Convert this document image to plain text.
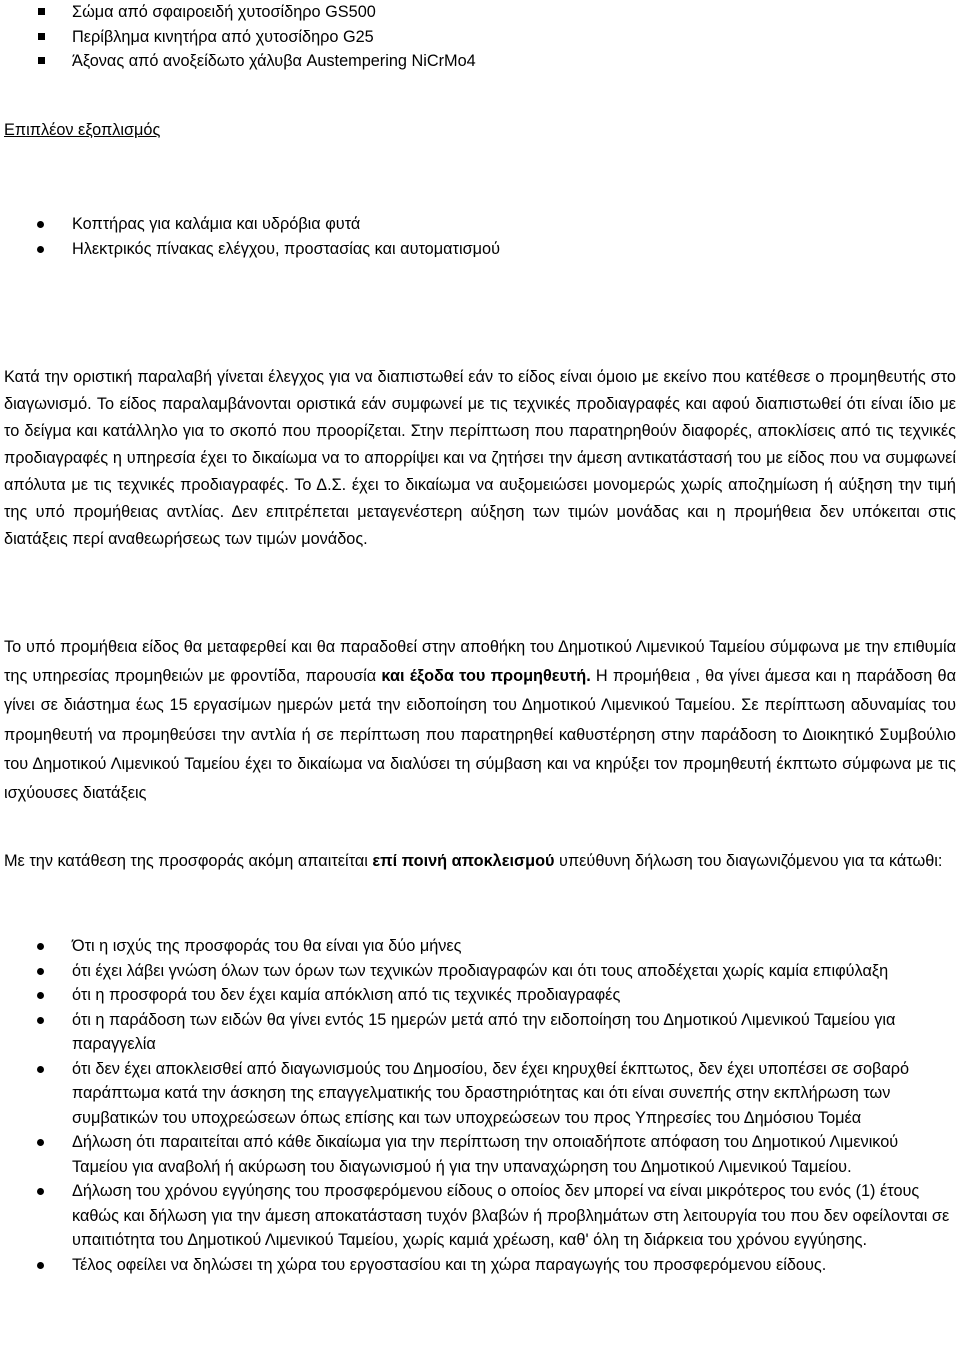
Σώμα από σφαιροειδή χυτοσίδηρο GS500
Περίβλημα κινητήρα από χυτοσίδηρο G25
Άξονας από ανοξείδωτο χάλυβα Austempering NiCrMo4
Επιπλέον εξοπλισμός
Κοπτήρας για καλάμια και υδρόβια φυτά
Ηλεκτρικός πίνακας ελέγχου, προστασίας και αυτοματισμού

Κατά την οριστική παραλαβή γίνεται έλεγχος για να διαπιστωθεί εάν το είδος είναι όμοιο με εκείνο που κατέθεσε ο προμηθευτής στο διαγωνισμό. Το είδος παραλαμβάνονται οριστικά εάν συμφωνεί με τις τεχνικές προδιαγραφές και αφού διαπιστωθεί ότι είναι ίδιο με το δείγμα και κατάλληλο για το σκοπό που προορίζεται. Στην περίπτωση που παρατηρηθούν διαφορές, αποκλίσεις από τις τεχνικές προδιαγραφές η υπηρεσία έχει το δικαίωμα να το απορρίψει και να ζητήσει την άμεση αντικατάστασή του με είδος που να συμφωνεί απόλυτα με τις τεχνικές προδιαγραφές. Το Δ.Σ. έχει το δικαίωμα να αυξομειώσει μονομερώς χωρίς αποζημίωση ή αύξηση την τιμή της υπό προμήθειας αντλίας. Δεν επιτρέπεται μεταγενέστερη αύξηση των τιμών μονάδας και η προμήθεια δεν υπόκειται στις διατάξεις περί αναθεωρήσεως των τιμών μονάδος.

Το υπό προμήθεια είδος θα μεταφερθεί και θα παραδοθεί στην αποθήκη του Δημοτικού Λιμενικού Ταμείου σύμφωνα με την επιθυμία της υπηρεσίας προμηθειών με φροντίδα, παρουσία και έξοδα του προμηθευτή. Η προμήθεια , θα γίνει άμεσα και η παράδοση θα γίνει σε διάστημα έως 15 εργασίμων ημερών μετά την ειδοποίηση του Δημοτικού Λιμενικού Ταμείου. Σε περίπτωση αδυναμίας του προμηθευτή να προμηθεύσει την αντλία ή σε περίπτωση που παρατηρηθεί καθυστέρηση στην παράδοση το Διοικητικό Συμβούλιο του Δημοτικού Λιμενικού Ταμείου έχει το δικαίωμα να διαλύσει τη σύμβαση και να κηρύξει τον προμηθευτή έκπτωτο σύμφωνα με τις ισχύουσες διατάξεις

Με την κατάθεση της προσφοράς ακόμη απαιτείται επί ποινή αποκλεισμού υπεύθυνη δήλωση του διαγωνιζόμενου για τα κάτωθι:

Ότι η ισχύς της προσφοράς του θα είναι για δύο μήνες
ότι έχει λάβει γνώση όλων των όρων των τεχνικών προδιαγραφών και ότι τους αποδέχεται χωρίς καμία επιφύλαξη
ότι η προσφορά του δεν έχει καμία απόκλιση από τις τεχνικές προδιαγραφές
ότι η παράδοση των ειδών θα γίνει εντός 15 ημερών μετά από την ειδοποίηση του Δημοτικού Λιμενικού Ταμείου για παραγγελία
ότι δεν έχει αποκλεισθεί από διαγωνισμούς του Δημοσίου, δεν έχει κηρυχθεί έκπτωτος, δεν έχει υποπέσει σε σοβαρό παράπτωμα κατά την άσκηση της επαγγελματικής του δραστηριότητας και ότι είναι συνεπής στην εκπλήρωση των συμβατικών του υποχρεώσεων όπως επίσης και των υποχρεώσεων του προς Υπηρεσίες του Δημόσιου Τομέα
Δήλωση ότι παραιτείται από κάθε δικαίωμα για την περίπτωση την οποιαδήποτε απόφαση του Δημοτικού Λιμενικού Ταμείου για αναβολή ή ακύρωση του διαγωνισμού ή για την υπαναχώρηση του Δημοτικού Λιμενικού Ταμείου.
Δήλωση του χρόνου εγγύησης του προσφερόμενου είδους ο οποίος δεν μπορεί να είναι μικρότερος του ενός (1) έτους καθώς και δήλωση για την άμεση αποκατάσταση τυχόν βλαβών ή προβλημάτων στη λειτουργία του που δεν οφείλονται σε υπαιτιότητα του Δημοτικού Λιμενικού Ταμείου, χωρίς καμιά χρέωση, καθ' όλη τη διάρκεια του χρόνου εγγύησης.
Τέλος οφείλει να δηλώσει τη χώρα του εργοστασίου και τη χώρα παραγωγής του προσφερόμενου είδους.
